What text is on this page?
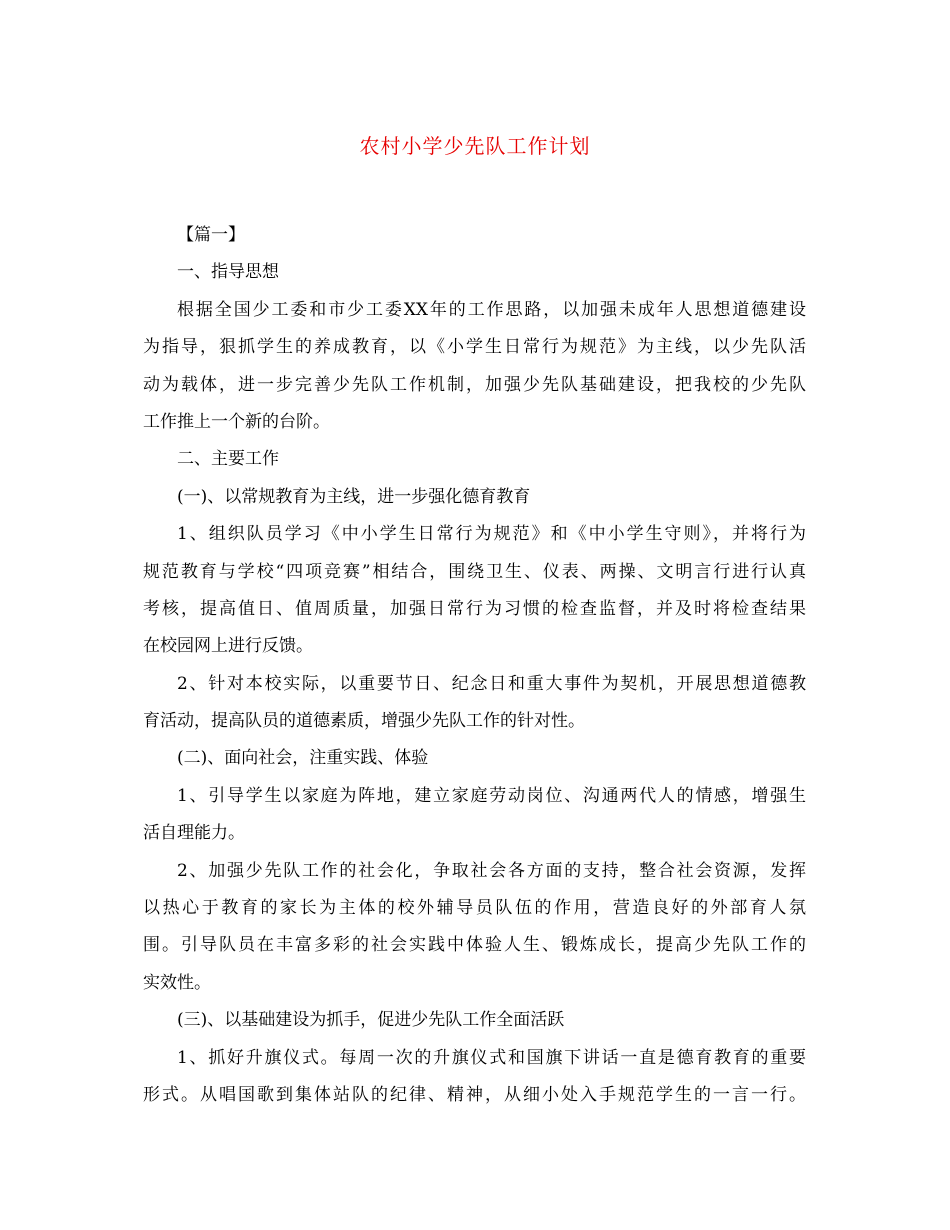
农村小学少先队工作计划
【篇一】
一、指导思想
根据全国少工委和市少工委XX年的工作思路，以加强未成年人思想道德建设
为指导，狠抓学生的养成教育，以《小学生日常行为规范》为主线，以少先队活
动为载体，进一步完善少先队工作机制，加强少先队基础建设，把我校的少先队
工作推上一个新的台阶。
二、主要工作
(一)、以常规教育为主线，进一步强化德育教育
1、组织队员学习《中小学生日常行为规范》和《中小学生守则》，并将行为
规范教育与学校“四项竞赛”相结合，围绕卫生、仪表、两操、文明言行进行认真
考核，提高值日、值周质量，加强日常行为习惯的检查监督，并及时将检查结果
在校园网上进行反馈。
2、针对本校实际，以重要节日、纪念日和重大事件为契机，开展思想道德教
育活动，提高队员的道德素质，增强少先队工作的针对性。
(二)、面向社会，注重实践、体验
1、引导学生以家庭为阵地，建立家庭劳动岗位、沟通两代人的情感，增强生
活自理能力。
2、加强少先队工作的社会化，争取社会各方面的支持，整合社会资源，发挥
以热心于教育的家长为主体的校外辅导员队伍的作用，营造良好的外部育人氛
围。引导队员在丰富多彩的社会实践中体验人生、锻炼成长，提高少先队工作的
实效性。
(三)、以基础建设为抓手，促进少先队工作全面活跃
1、抓好升旗仪式。每周一次的升旗仪式和国旗下讲话一直是德育教育的重要
形式。从唱国歌到集体站队的纪律、精神，从细小处入手规范学生的一言一行。
